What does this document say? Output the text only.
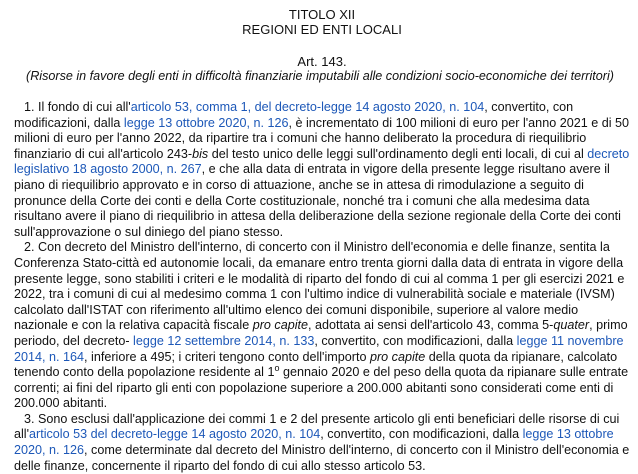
TITOLO XII
REGIONI ED ENTI LOCALI
Art. 143.
(Risorse in favore degli enti in difficoltà finanziarie imputabili alle condizioni socio-economiche dei territori)

1. Il fondo di cui all'articolo 53, comma 1, del decreto-legge 14 agosto 2020, n. 104, convertito, con modificazioni, dalla legge 13 ottobre 2020, n. 126, è incrementato di 100 milioni di euro per l'anno 2021 e di 50 milioni di euro per l'anno 2022, da ripartire tra i comuni che hanno deliberato la procedura di riequilibrio finanziario di cui all'articolo 243-bis del testo unico delle leggi sull'ordinamento degli enti locali, di cui al decreto legislativo 18 agosto 2000, n. 267, e che alla data di entrata in vigore della presente legge risultano avere il piano di riequilibrio approvato e in corso di attuazione, anche se in attesa di rimodulazione a seguito di pronunce della Corte dei conti e della Corte costituzionale, nonché tra i comuni che alla medesima data risultano avere il piano di riequilibrio in attesa della deliberazione della sezione regionale della Corte dei conti sull'approvazione o sul diniego del piano stesso.

2. Con decreto del Ministro dell'interno, di concerto con il Ministro dell'economia e delle finanze, sentita la Conferenza Stato-città ed autonomie locali, da emanare entro trenta giorni dalla data di entrata in vigore della presente legge, sono stabiliti i criteri e le modalità di riparto del fondo di cui al comma 1 per gli esercizi 2021 e 2022, tra i comuni di cui al medesimo comma 1 con l'ultimo indice di vulnerabilità sociale e materiale (IVSM) calcolato dall'ISTAT con riferimento all'ultimo elenco dei comuni disponibile, superiore al valore medio nazionale e con la relativa capacità fiscale pro capite, adottata ai sensi dell'articolo 43, comma 5-quater, primo periodo, del decreto- legge 12 settembre 2014, n. 133, convertito, con modificazioni, dalla legge 11 novembre 2014, n. 164, inferiore a 495; i criteri tengono conto dell'importo pro capite della quota da ripianare, calcolato tenendo conto della popolazione residente al 1$^o$ gennaio 2020 e del peso della quota da ripianare sulle entrate correnti; ai fini del riparto gli enti con popolazione superiore a 200.000 abitanti sono considerati come enti di 200.000 abitanti.

3. Sono esclusi dall'applicazione dei commi 1 e 2 del presente articolo gli enti beneficiari delle risorse di cui all'articolo 53 del decreto-legge 14 agosto 2020, n. 104, convertito, con modificazioni, dalla legge 13 ottobre 2020, n. 126, come determinate dal decreto del Ministro dell'interno, di concerto con il Ministro dell'economia e delle finanze, concernente il riparto del fondo di cui allo stesso articolo 53.
